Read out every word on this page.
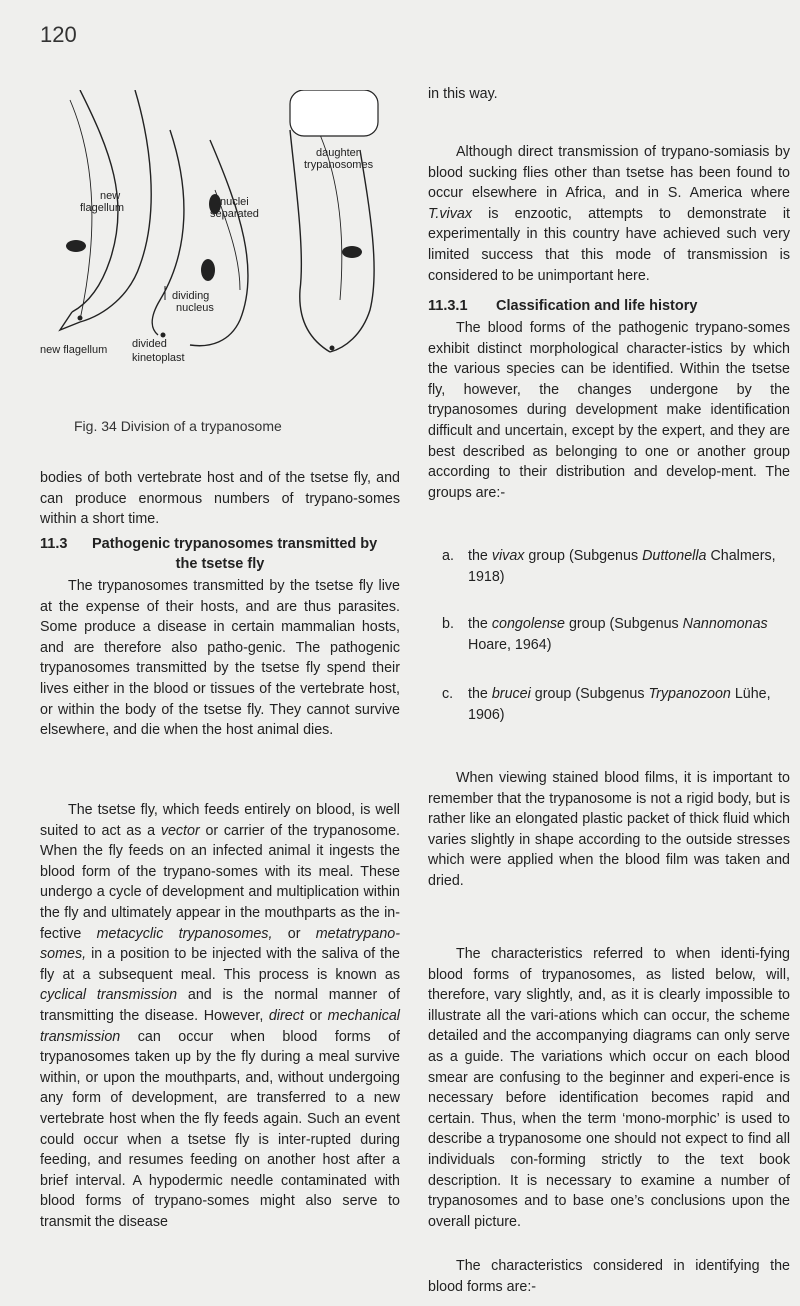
120
new
flagellum	nuclei
separated
daughter
trypanosomes
dividing
nucleus
new flagellum divided
kinetoplast
Fig. 34 Division of a trypanosome

bodies of both vertebrate host and of the tsetse fly, and can produce enormous numbers of trypano-somes within a short time.

11.3 Pathogenic trypanosomes transmitted by
the tsetse fly

The trypanosomes transmitted by the tsetse fly live at the expense of their hosts, and are thus parasites. Some produce a disease in certain mammalian hosts, and are therefore also patho-genic. The pathogenic trypanosomes transmitted by the tsetse fly spend their lives either in the blood or tissues of the vertebrate host, or within the body of the tsetse fly. They cannot survive elsewhere, and die when the host animal dies.

The tsetse fly, which feeds entirely on blood, is well suited to act as a vector or carrier of the trypanosome. When the fly feeds on an infected animal it ingests the blood form of the trypano-somes with its meal. These undergo a cycle of development and multiplication within the fly and ultimately appear in the mouthparts as the in-fective metacyclic trypanosomes, or metatrypano-somes, in a position to be injected with the saliva of the fly at a subsequent meal. This process is known as cyclical transmission and is the normal manner of transmitting the disease. However, direct or mechanical transmission can occur when blood forms of trypanosomes taken up by the fly during a meal survive within, or upon the mouthparts, and, without undergoing any form of development, are transferred to a new vertebrate host when the fly feeds again. Such an event could occur when a tsetse fly is inter-rupted during feeding, and resumes feeding on another host after a brief interval. A hypodermic needle contaminated with blood forms of trypano-somes might also serve to transmit the disease

in this way.

Although direct transmission of trypano-somiasis by blood sucking flies other than tsetse has been found to occur elsewhere in Africa, and in S. America where T.vivax is enzootic, attempts to demonstrate it experimentally in this country have achieved such very limited success that this mode of transmission is considered to be unimportant here.

11.3.1 Classification and life history

The blood forms of the pathogenic trypano-somes exhibit distinct morphological character-istics by which the various species can be identified. Within the tsetse fly, however, the changes undergone by the trypanosomes during development make identification difficult and uncertain, except by the expert, and they are best described as belonging to one or another group according to their distribution and develop-ment. The groups are:-

a. the vivax group (Subgenus Duttonella Chalmers, 1918)
b. the congolense group (Subgenus Nannomonas Hoare, 1964)
c. the brucei group (Subgenus Trypanozoon Lühe, 1906)

When viewing stained blood films, it is important to remember that the trypanosome is not a rigid body, but is rather like an elongated plastic packet of thick fluid which varies slightly in shape according to the outside stresses which were applied when the blood film was taken and dried.

The characteristics referred to when identi-fying blood forms of trypanosomes, as listed below, will, therefore, vary slightly, and, as it is clearly impossible to illustrate all the vari-ations which can occur, the scheme detailed and the accompanying diagrams can only serve as a guide. The variations which occur on each blood smear are confusing to the beginner and experi-ence is necessary before identification becomes rapid and certain. Thus, when the term ‘mono-morphic’ is used to describe a trypanosome one should not expect to find all individuals con-forming strictly to the text book description. It is necessary to examine a number of trypanosomes and to base one’s conclusions upon the overall picture.

The characteristics considered in identifying the blood forms are:-
